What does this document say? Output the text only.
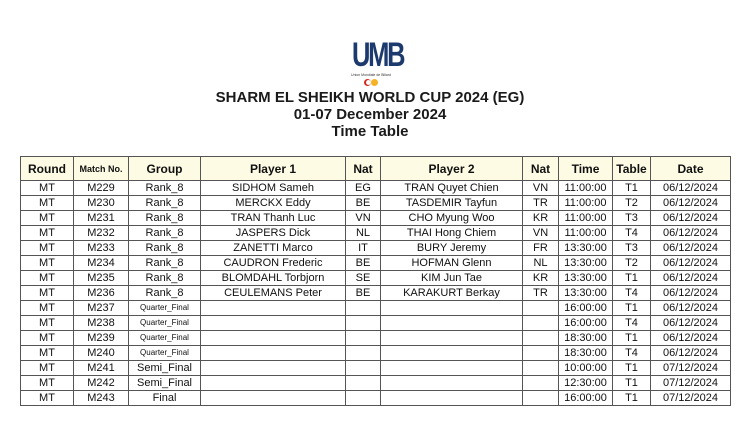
UMB
Union Mondiale de Billard
SHARM EL SHEIKH WORLD CUP 2024 (EG)
01-07 December 2024
Time Table
Round	Match No.	Group	Player 1	Nat	Player 2	Nat	Time	Table	Date
MT	M229	Rank_8	SIDHOM Sameh	EG	TRAN Quyet Chien	VN	11:00:00	T1	06/12/2024
MT	M230	Rank_8	MERCKX Eddy	BE	TASDEMIR Tayfun	TR	11:00:00	T2	06/12/2024
MT	M231	Rank_8	TRAN Thanh Luc	VN	CHO Myung Woo	KR	11:00:00	T3	06/12/2024
MT	M232	Rank_8	JASPERS Dick	NL	THAI Hong Chiem	VN	11:00:00	T4	06/12/2024
MT	M233	Rank_8	ZANETTI Marco	IT	BURY Jeremy	FR	13:30:00	T3	06/12/2024
MT	M234	Rank_8	CAUDRON Frederic	BE	HOFMAN Glenn	NL	13:30:00	T2	06/12/2024
MT	M235	Rank_8	BLOMDAHL Torbjorn	SE	KIM Jun Tae	KR	13:30:00	T1	06/12/2024
MT	M236	Rank_8	CEULEMANS Peter	BE	KARAKURT Berkay	TR	13:30:00	T4	06/12/2024
MT	M237	Quarter_Final					16:00:00	T1	06/12/2024
MT	M238	Quarter_Final					16:00:00	T4	06/12/2024
MT	M239	Quarter_Final					18:30:00	T1	06/12/2024
MT	M240	Quarter_Final					18:30:00	T4	06/12/2024
MT	M241	Semi_Final					10:00:00	T1	07/12/2024
MT	M242	Semi_Final					12:30:00	T1	07/12/2024
MT	M243	Final					16:00:00	T1	07/12/2024
